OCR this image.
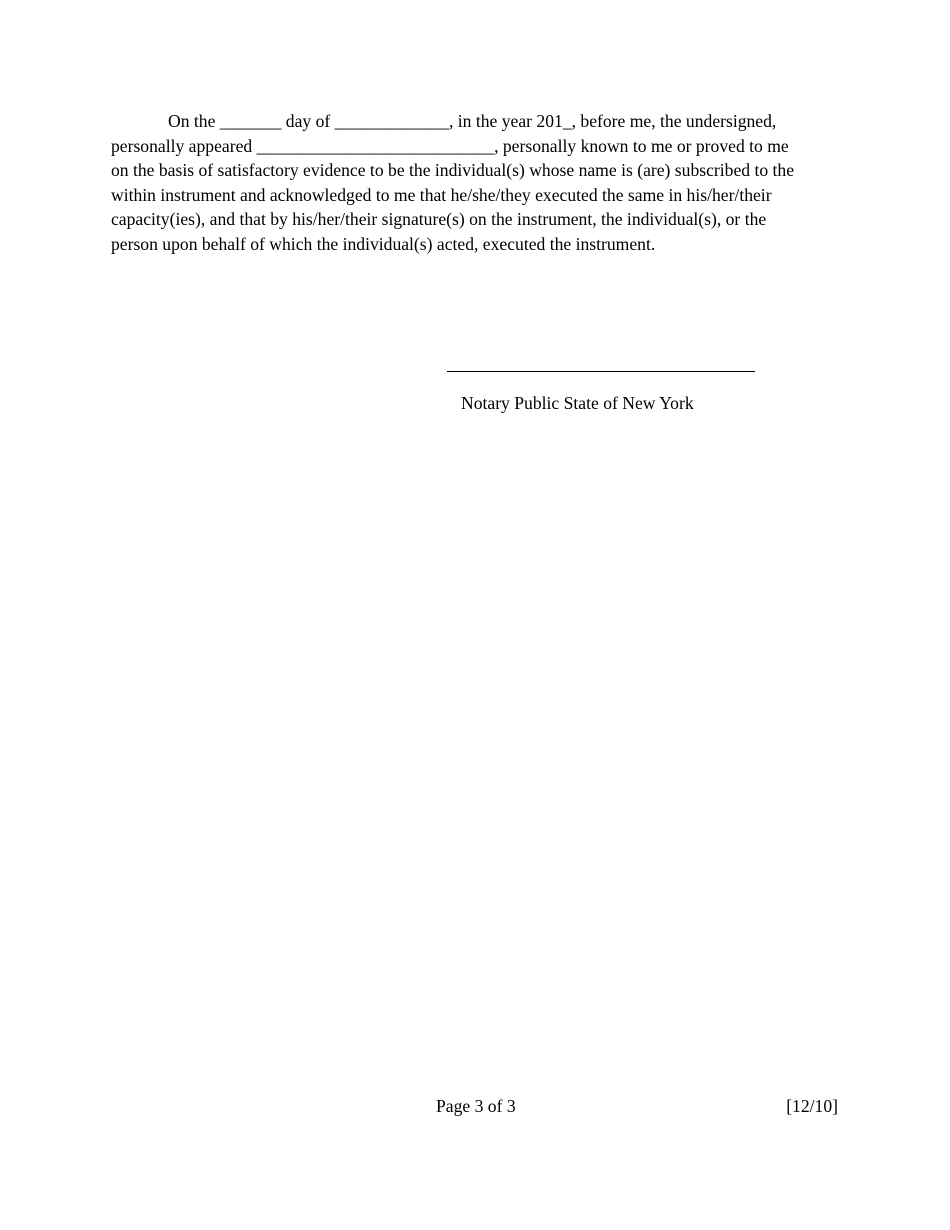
On the _______ day of _____________, in the year 201_, before me, the undersigned,
personally appeared ___________________________, personally known to me or proved to me
on the basis of satisfactory evidence to be the individual(s) whose name is (are) subscribed to the
within instrument and acknowledged to me that he/she/they executed the same in his/her/their
capacity(ies), and that by his/her/their signature(s) on the instrument, the individual(s), or the
person upon behalf of which the individual(s) acted, executed the instrument.
Notary Public State of New York
Page 3 of 3	[12/10]
